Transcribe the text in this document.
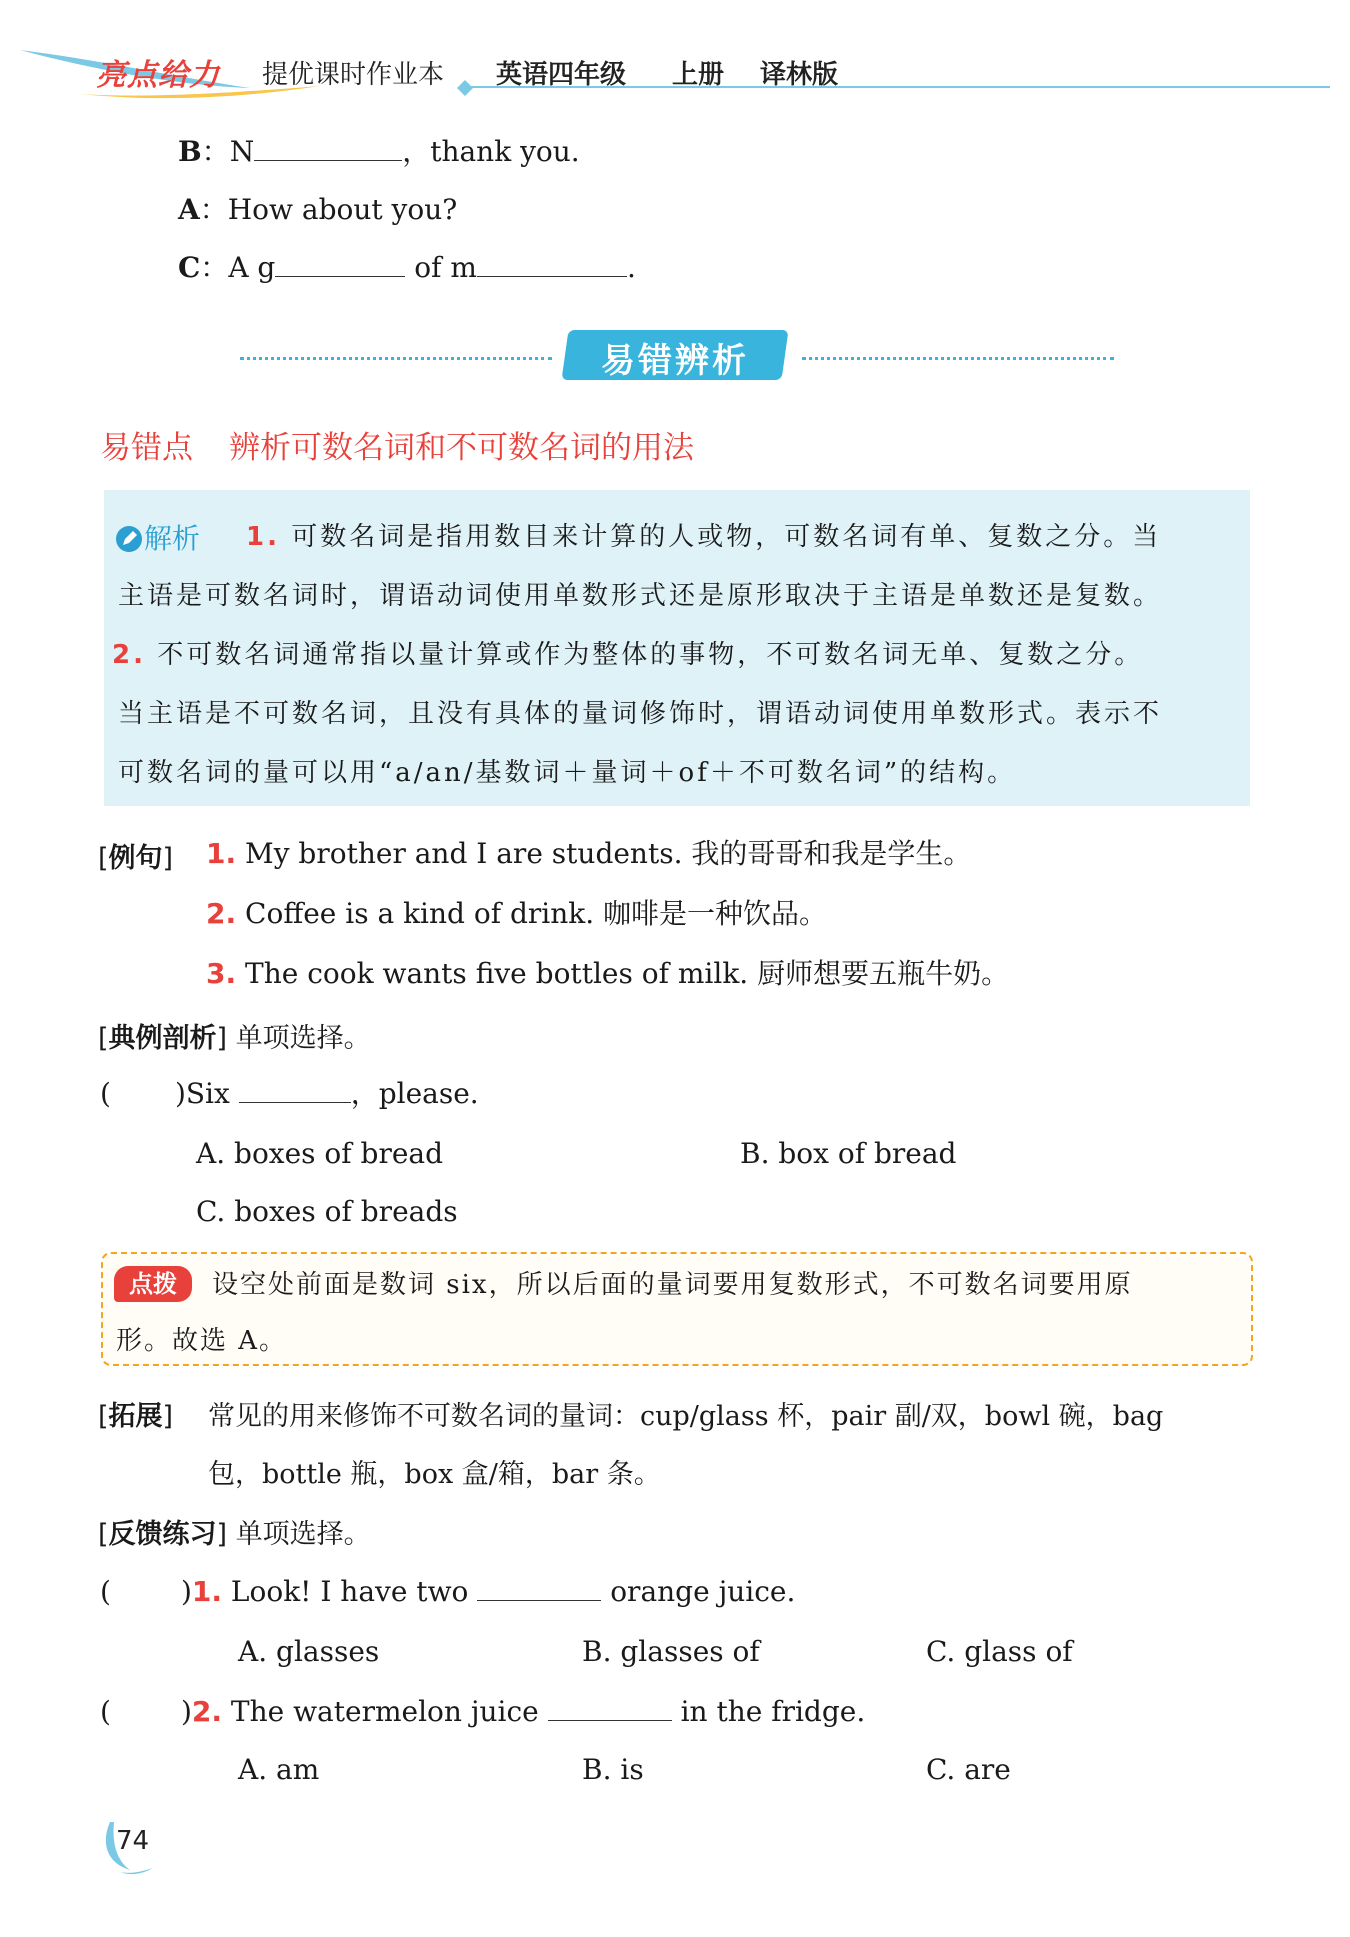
亮点给力 提优课时作业本 英语四年级 上册 译林版
B：N	，thank you.
A：How about you?
C：A g	of m	.
易错辨析
易错点 辨析可数名词和不可数名词的用法
解析 1. 可数名词是指用数目来计算的人或物，可数名词有单、复数之分。当
主语是可数名词时，谓语动词使用单数形式还是原形取决于主语是单数还是复数。
2. 不可数名词通常指以量计算或作为整体的事物，不可数名词无单、复数之分。
当主语是不可数名词，且没有具体的量词修饰时，谓语动词使用单数形式。表示不
可数名词的量可以用“a/an/基数词＋量词＋of＋不可数名词”的结构。
[例句] 1. My brother and I are students. 我的哥哥和我是学生。
2. Coffee is a kind of drink. 咖啡是一种饮品。
3. The cook wants five bottles of milk. 厨师想要五瓶牛奶。
[典例剖析] 单项选择。
( )Six	，please.
A. boxes of bread	B. box of bread
C. boxes of breads
点拨	设空处前面是数词 six，所以后面的量词要用复数形式，不可数名词要用原
形。故选 A。
[拓展] 常见的用来修饰不可数名词的量词：cup/glass 杯，pair 副/双，bowl 碗，bag
包，bottle 瓶，box 盒/箱，bar 条。
[反馈练习] 单项选择。
(	)1. Look! I have two	orange juice.
A. glasses	B. glasses of	C. glass of
(	)2. The watermelon juice	in the fridge.
A. am	B. is	C. are
74
